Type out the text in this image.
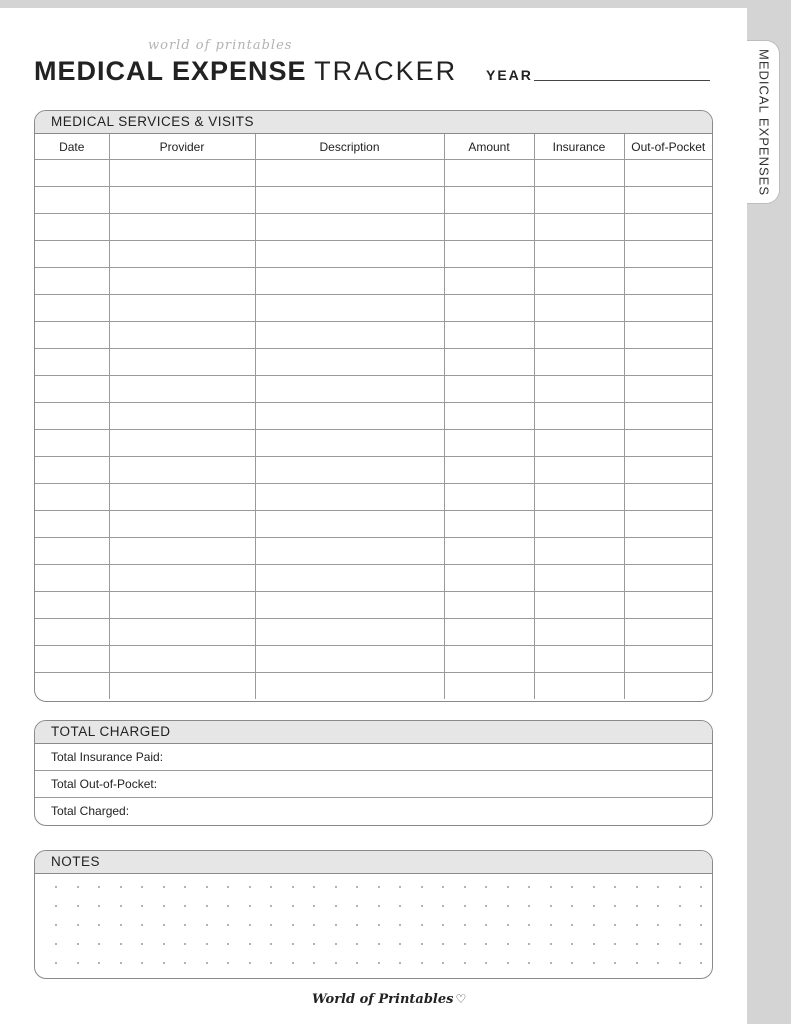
MEDICAL EXPENSES
world of printables
MEDICAL EXPENSE TRACKER YEAR
MEDICAL SERVICES & VISITS
Date	Provider	Description	Amount	Insurance	Out-of-Pocket

TOTAL CHARGED
Total Insurance Paid:
Total Out-of-Pocket:
Total Charged:
NOTES
World of Printables ♡
